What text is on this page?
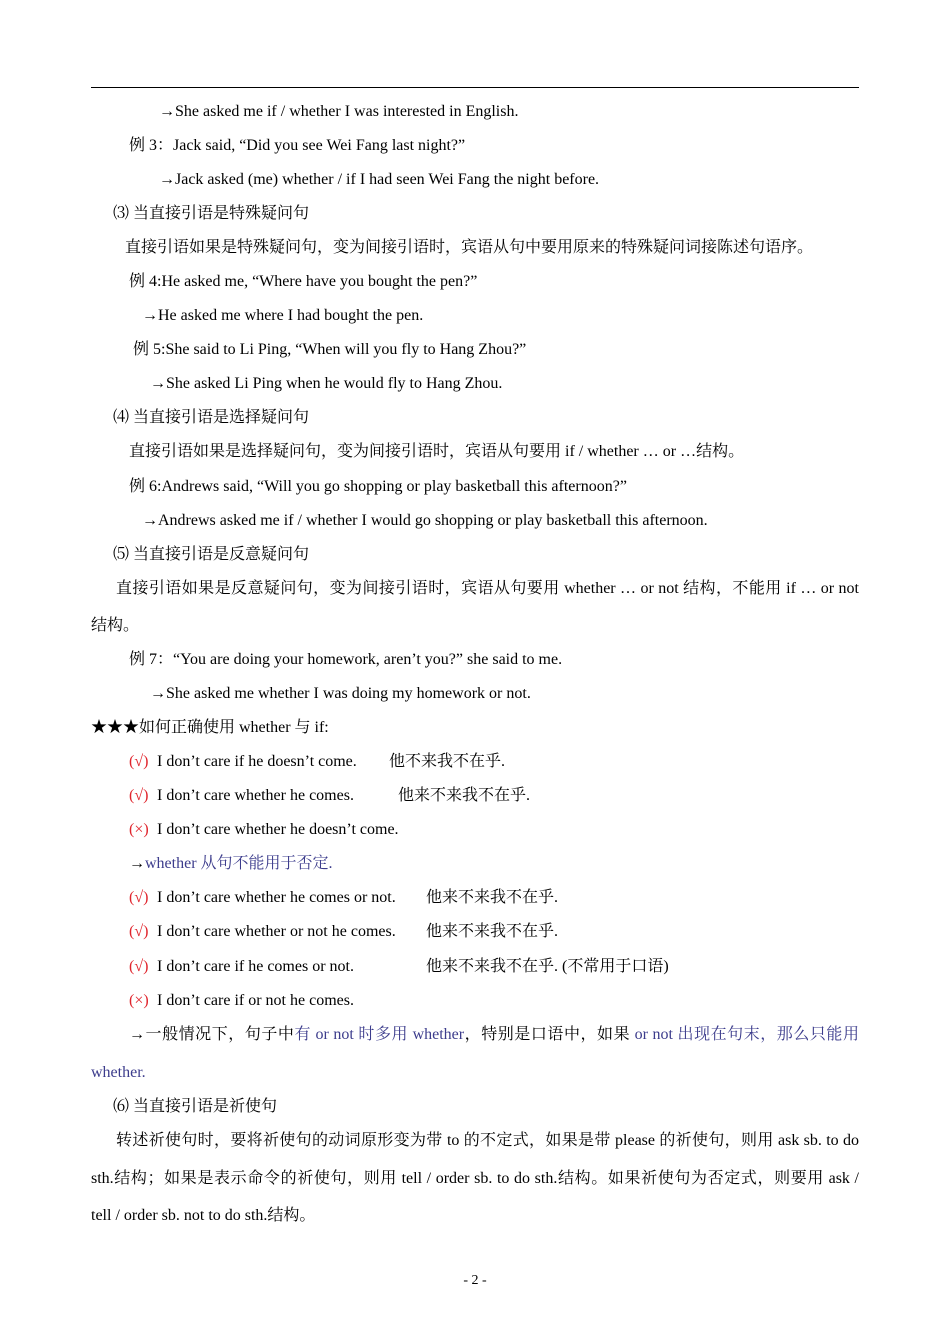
→She asked me if / whether I was interested in English.
例 3：Jack said, “Did you see Wei Fang last night?”
→Jack asked (me) whether / if I had seen Wei Fang the night before.
⑶ 当直接引语是特殊疑问句
直接引语如果是特殊疑问句，变为间接引语时，宾语从句中要用原来的特殊疑问词接陈述句语序。
例 4:He asked me, “Where have you bought the pen?”
→He asked me where I had bought the pen.
例 5:She said to Li Ping, “When will you fly to Hang Zhou?”
→She asked Li Ping when he would fly to Hang Zhou.
⑷ 当直接引语是选择疑问句
直接引语如果是选择疑问句，变为间接引语时，宾语从句要用 if / whether … or …结构。
例 6:Andrews said, “Will you go shopping or play basketball this afternoon?”
→Andrews asked me if / whether I would go shopping or play basketball this afternoon.
⑸ 当直接引语是反意疑问句
直接引语如果是反意疑问句，变为间接引语时，宾语从句要用 whether … or not 结构，不能用 if … or not
结构。
例 7：“You are doing your homework, aren’t you?” she said to me.
→She asked me whether I was doing my homework or not.
★★★如何正确使用 whether 与 if:
(√) I don’t care if he doesn’t come. 他不来我不在乎.
(√) I don’t care whether he comes.	他来不来我不在乎.
(×) I don’t care whether he doesn’t come.
→whether 从句不能用于否定.
(√) I don’t care whether he comes or not. 他来不来我不在乎.
(√) I don’t care whether or not he comes. 他来不来我不在乎.
(√) I don’t care if he comes or not.	他来不来我不在乎. (不常用于口语)
(×) I don’t care if or not he comes.
→一般情况下，句子中有 or not 时多用 whether，特别是口语中，如果 or not 出现在句末，那么只能用
whether.
⑹ 当直接引语是祈使句
转述祈使句时，要将祈使句的动词原形变为带 to 的不定式，如果是带 please 的祈使句，则用 ask sb. to do
sth.结构；如果是表示命令的祈使句，则用 tell / order sb. to do sth.结构。如果祈使句为否定式，则要用 ask /
tell / order sb. not to do sth.结构。
- 2 -
